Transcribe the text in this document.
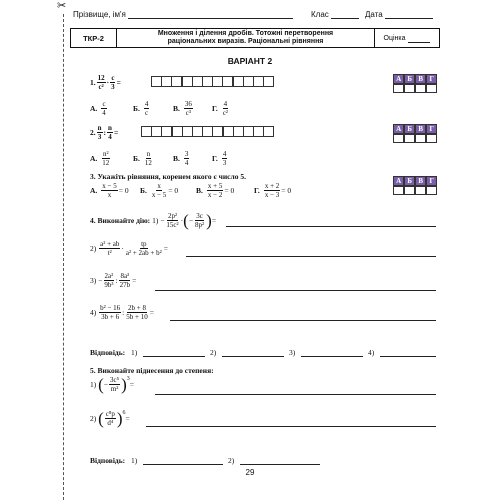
✂
Прізвище, ім'я	Клас	Дата
ТКР-2	Множення і ділення дробів. Тотожні перетворення
раціональних виразів. Раціональні рівняння	Оцінка
ВАРІАНТ 2
1. $\frac{12}{\text{c²}} \cdot \frac{c}{3}$ =	А Б В Г
А. $\frac{c}{4}$	Б. $\frac{4}{c}$	В. $\frac{36}{\text{c³}}$	Г. $\frac{4}{\text{c²}}$
2. $\frac{n}{3}$ : $\frac{n}{4}$ =	А Б В Г
А. $\frac{\text{n²}}{12}$	Б. $\frac{n}{12}$	В. $\frac{3}{4}$	Г. $\frac{4}{3}$
3. Укажіть рівняння, коренем якого є число 5.	А Б В Г
А. $\frac{x - 5}{x} = 0$ Б. $\frac{x}{x - 5} = 0$ В. $\frac{x + 5}{x - 2} = 0$	Г. $\frac{x + 2}{x - 3} = 0$
4.
Виконайте дію:
1)
− $\frac{\text{2p²}}{\text{15c²}}$ · ( − $\frac{3c}{\text{8p²}}$ ) =
2)
$\frac{\text{a² + ab}}{\text{t²}} \cdot \frac{tp}{\text{a² + 2ab + b²}}$ =
3)
− $\frac{\text{2a²}}{\text{9b³}}$ : $\frac{\text{8a³}}{27b}$ =
4)
$\frac{\text{b² − 16}}{3b + 6}$ : $\frac{2b + 8}{5b + 10}$ =
Відповідь: 1)	2)	3)	4)
5. Виконайте піднесення до степеня:
1)
( − $\frac{\text{3c⁵}}{\text{m²}} )^3$
=
2)
( $\frac{\text{c⁸p}}{\text{d⁴}} )^6$
=
Відповідь: 1)	2)
29
